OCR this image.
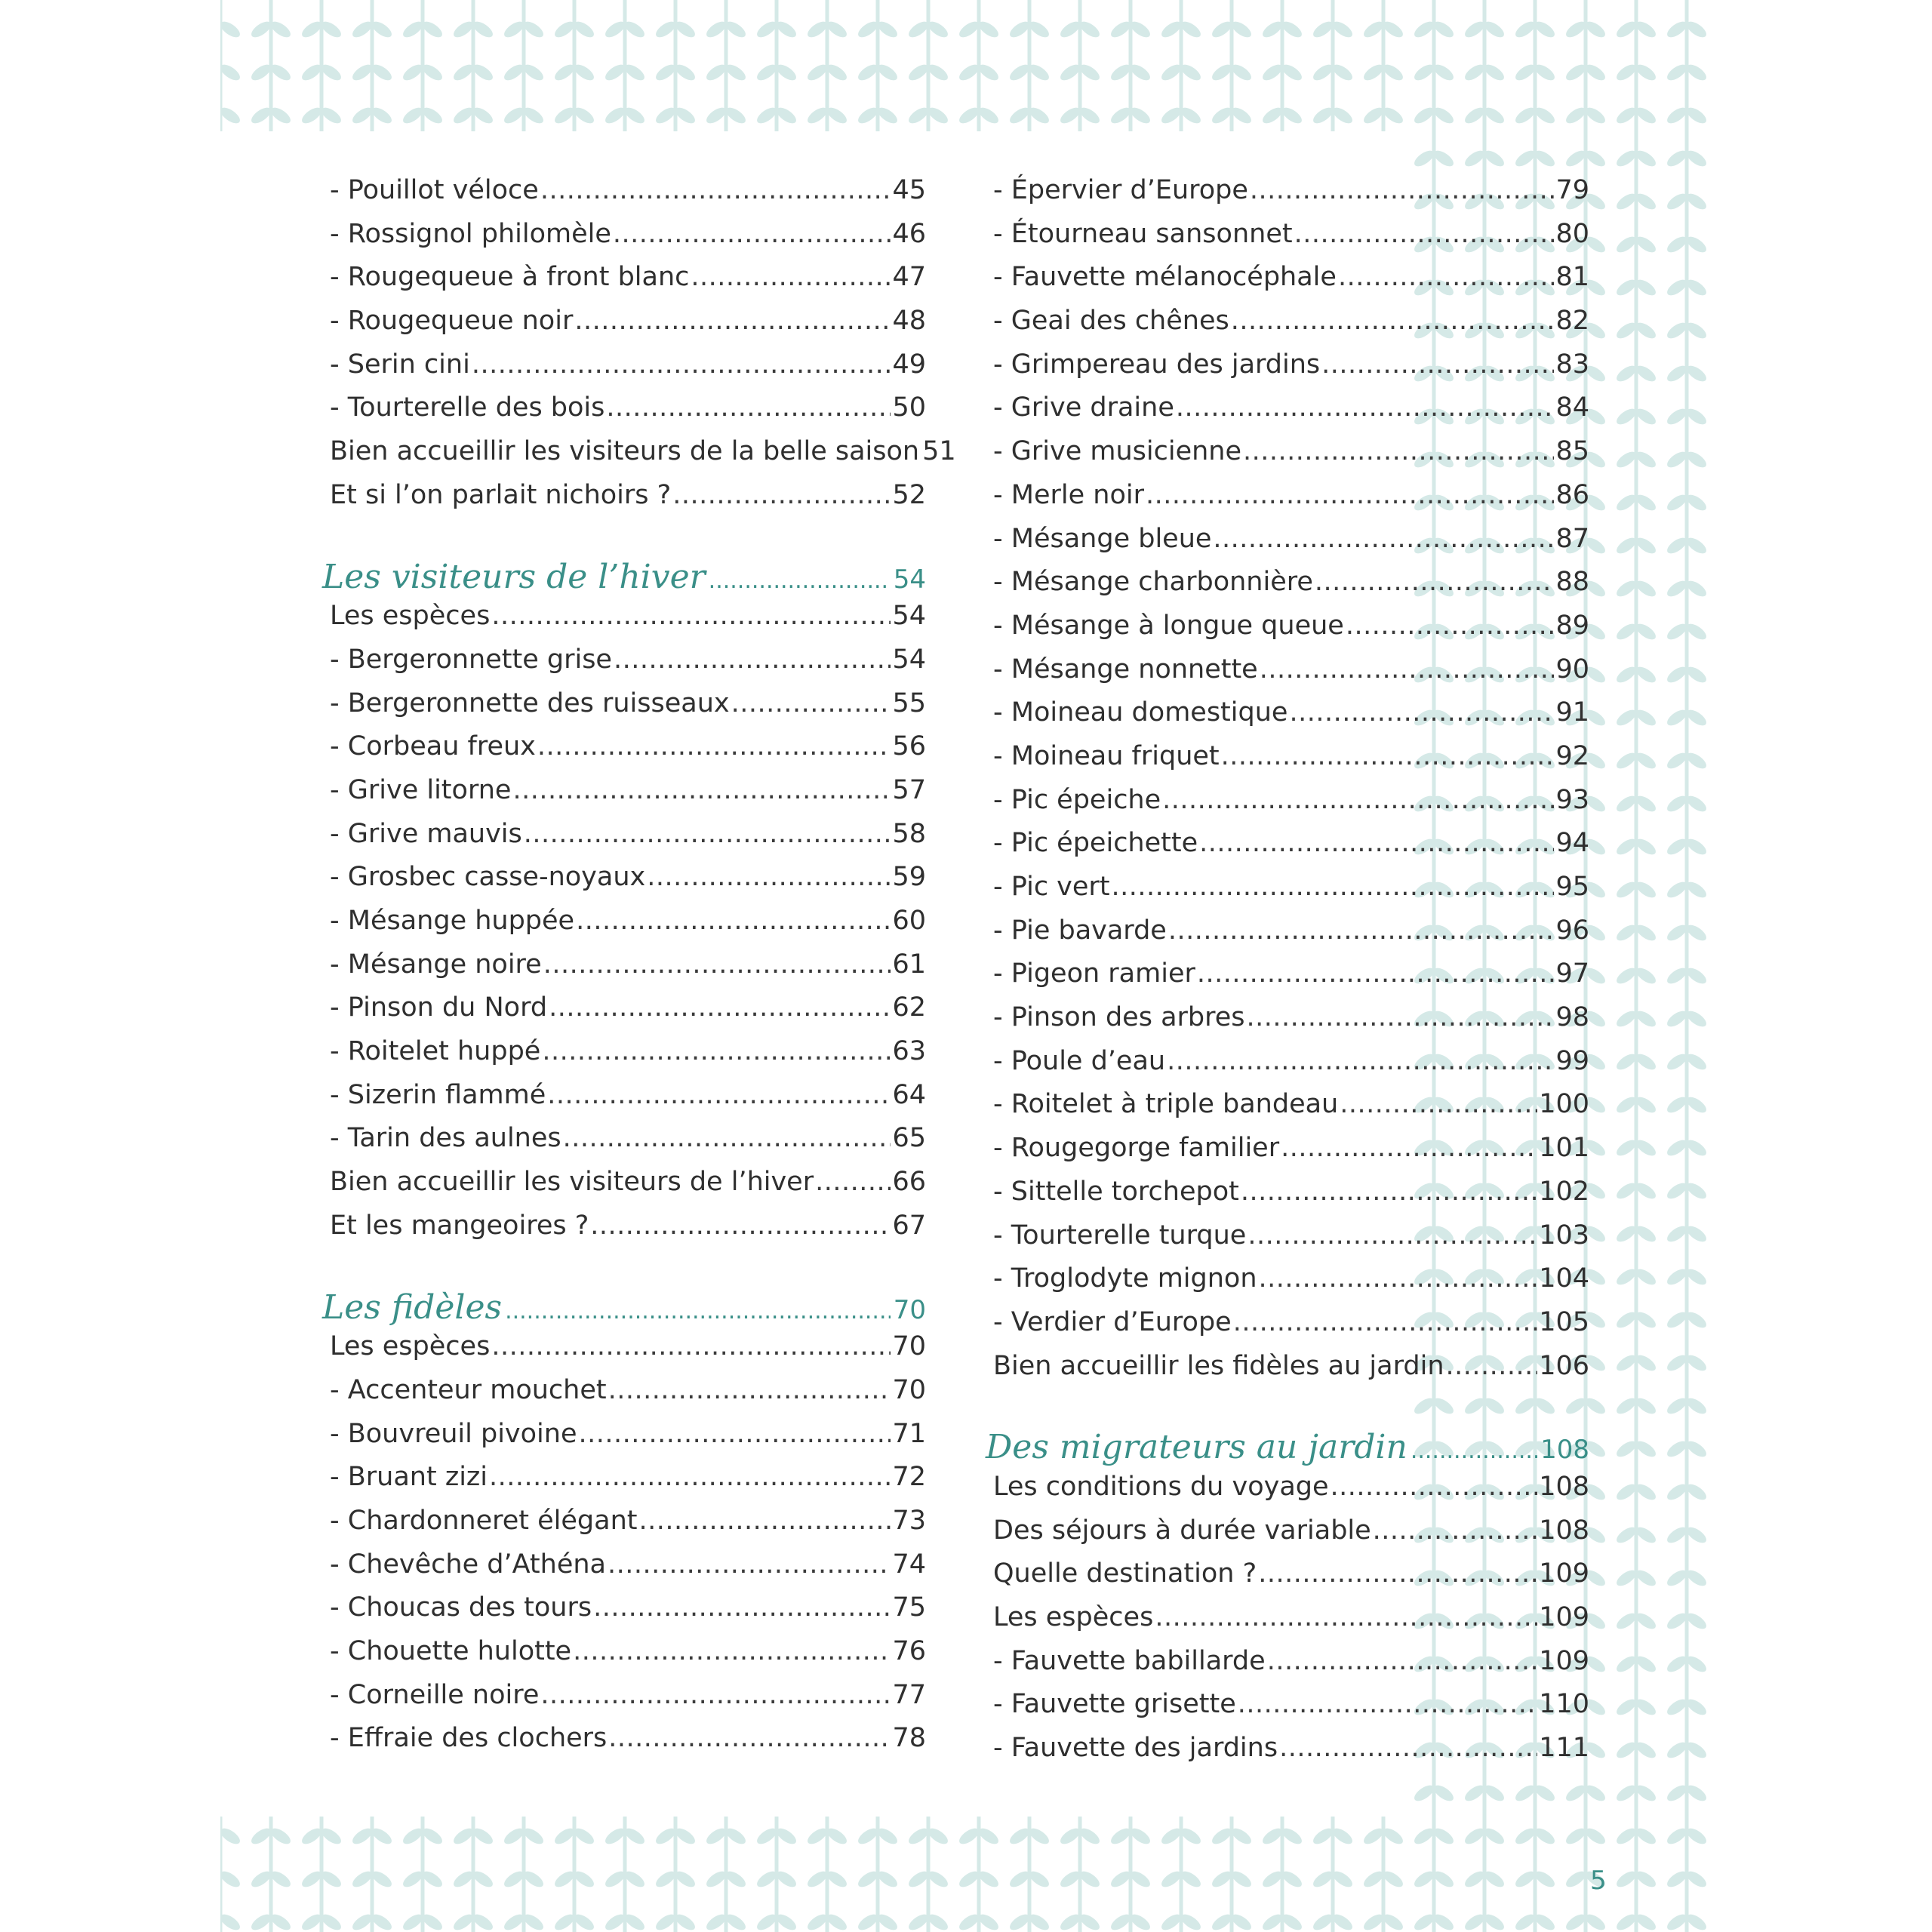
- Pouillot véloce .....	45
- Rossignol philomèle .....	46
- Rougequeue à front blanc .....	47
- Rougequeue noir .....	48
- Serin cini .....	49
- Tourterelle des bois .....	50
Bien accueillir les visiteurs de la belle saison 51
Et si l’on parlait nichoirs ? .....	52
Les visiteurs de l’hiver .....	54
Les espèces .....	54
- Bergeronnette grise .....	54
- Bergeronnette des ruisseaux .....	55
- Corbeau freux .....	56
- Grive litorne .....	57
- Grive mauvis .....	58
- Grosbec casse-noyaux .....	59
- Mésange huppée .....	60
- Mésange noire .....	61
- Pinson du Nord .....	62
- Roitelet huppé .....	63
- Sizerin flammé .....	64
- Tarin des aulnes .....	65
Bien accueillir les visiteurs de l’hiver .....	66
Et les mangeoires ? .....	67
Les fidèles .....	70
Les espèces .....	70
- Accenteur mouchet .....	70
- Bouvreuil pivoine .....	71
- Bruant zizi .....	72
- Chardonneret élégant .....	73
- Chevêche d’Athéna .....	74
- Choucas des tours .....	75
- Chouette hulotte .....	76
- Corneille noire .....	77
- Effraie des clochers .....	78
- Épervier d’Europe .....	79
- Étourneau sansonnet .....	80
- Fauvette mélanocéphale .....	81
- Geai des chênes .....	82
- Grimpereau des jardins .....	83
- Grive draine .....	84
- Grive musicienne .....	85
- Merle noir .....	86
- Mésange bleue .....	87
- Mésange charbonnière .....	88
- Mésange à longue queue .....	89
- Mésange nonnette .....	90
- Moineau domestique .....	91
- Moineau friquet .....	92
- Pic épeiche .....	93
- Pic épeichette .....	94
- Pic vert .....	95
- Pie bavarde .....	96
- Pigeon ramier .....	97
- Pinson des arbres .....	98
- Poule d’eau .....	99
- Roitelet à triple bandeau .....	100
- Rougegorge familier .....	101
- Sittelle torchepot .....	102
- Tourterelle turque .....	103
- Troglodyte mignon .....	104
- Verdier d’Europe .....	105
Bien accueillir les fidèles au jardin .....	106
Des migrateurs au jardin .....	108
Les conditions du voyage .....	108
Des séjours à durée variable .....	108
Quelle destination ? .....	109
Les espèces .....	109
- Fauvette babillarde .....	109
- Fauvette grisette .....	110
- Fauvette des jardins .....	111
5
